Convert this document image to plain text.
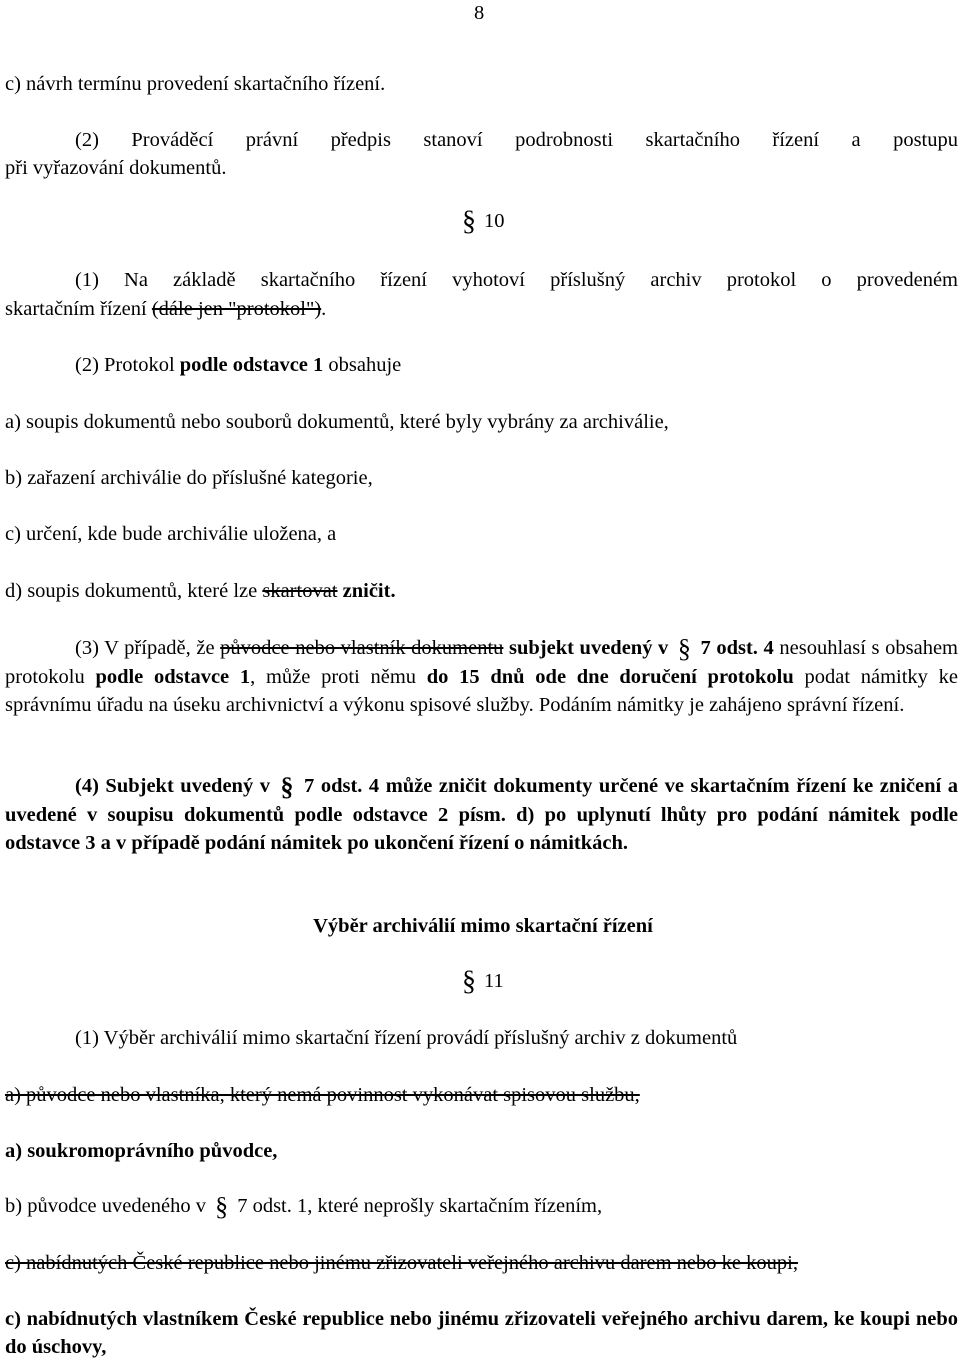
8
c) návrh termínu provedení skartačního řízení.
(2) Prováděcí právní předpis stanoví podrobnosti skartačního řízení a postupu
při vyřazování dokumentů.
§ 10
(1) Na základě skartačního řízení vyhotoví příslušný archiv protokol o provedeném
skartačním řízení (dále jen "protokol").
(2) Protokol podle odstavce 1 obsahuje
a) soupis dokumentů nebo souborů dokumentů, které byly vybrány za archiválie,
b) zařazení archiválie do příslušné kategorie,
c) určení, kde bude archiválie uložena, a
d) soupis dokumentů, které lze skartovat zničit.
(3) V případě, že původce nebo vlastník dokumentu subjekt uvedený v § 7 odst. 4 nesouhlasí s obsahem protokolu podle odstavce 1, může proti němu do 15 dnů ode dne doručení protokolu podat námitky ke správnímu úřadu na úseku archivnictví a výkonu spisové služby. Podáním námitky je zahájeno správní řízení.
(4) Subjekt uvedený v § 7 odst. 4 může zničit dokumenty určené ve skartačním řízení ke zničení a uvedené v soupisu dokumentů podle odstavce 2 písm. d) po uplynutí lhůty pro podání námitek podle odstavce 3 a v případě podání námitek po ukončení řízení o námitkách.
Výběr archiválií mimo skartační řízení
§ 11
(1) Výběr archiválií mimo skartační řízení provádí příslušný archiv z dokumentů
a) původce nebo vlastníka, který nemá povinnost vykonávat spisovou službu,
a) soukromoprávního původce,
b) původce uvedeného v § 7 odst. 1, které neprošly skartačním řízením,
c) nabídnutých České republice nebo jinému zřizovateli veřejného archivu darem nebo ke koupi,
c) nabídnutých vlastníkem České republice nebo jinému zřizovateli veřejného archivu darem, ke koupi nebo do úschovy,
